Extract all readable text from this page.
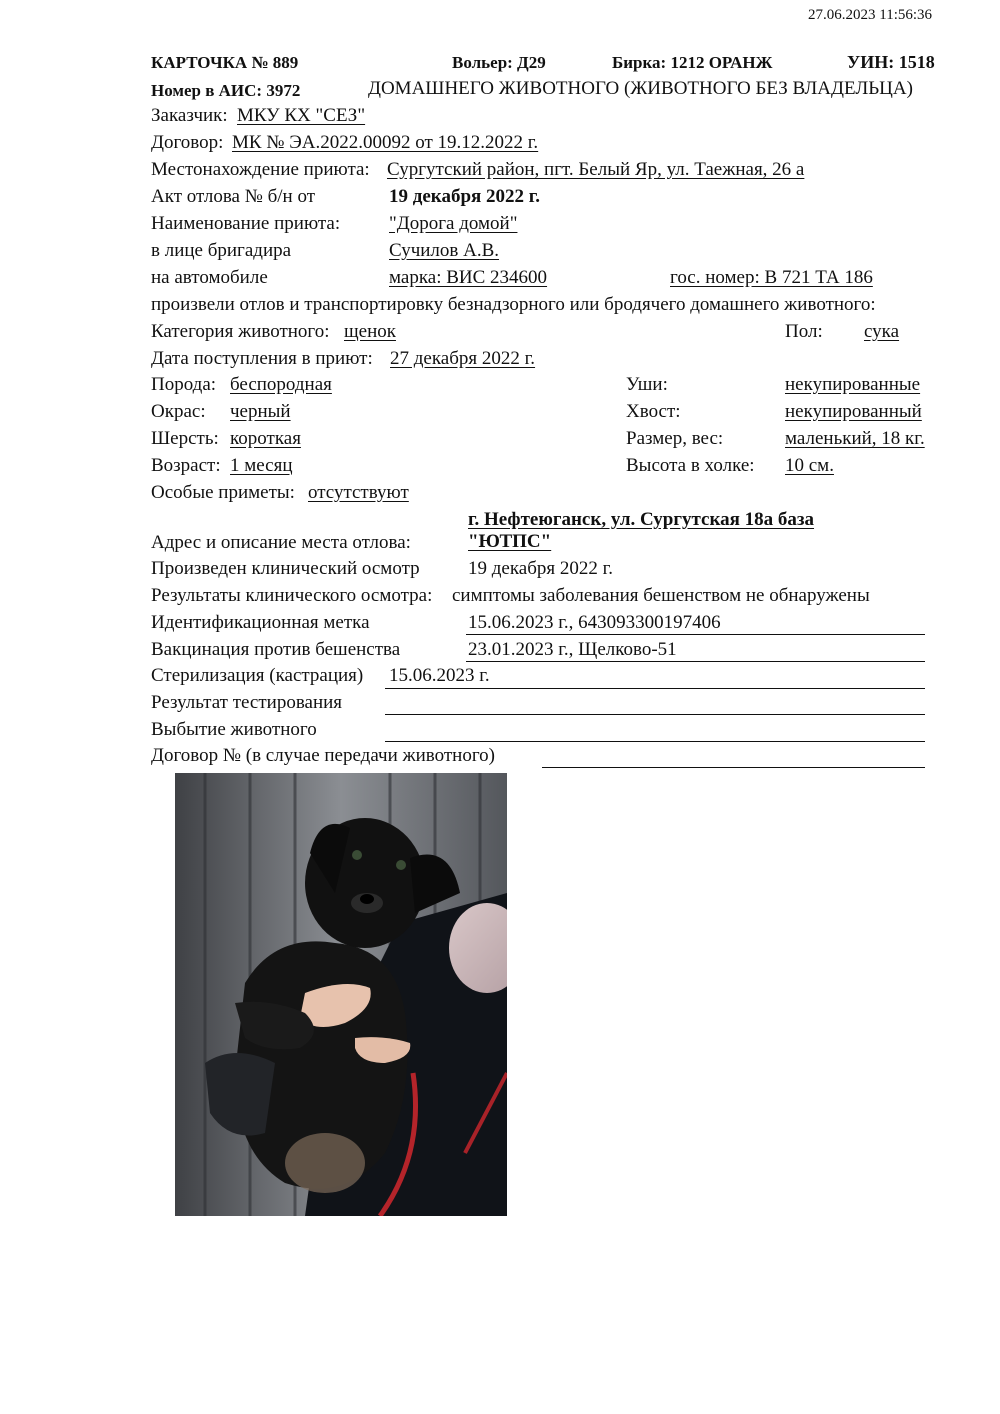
27.06.2023 11:56:36
КАРТОЧКА № 889	Вольер: Д29	Бирка: 1212 ОРАНЖ	УИН: 1518
Номер в АИС: 3972	ДОМАШНЕГО ЖИВОТНОГО (ЖИВОТНОГО БЕЗ ВЛАДЕЛЬЦА)
Заказчик: МКУ КХ "СЕЗ"
Договор: МК № ЭА.2022.00092 от 19.12.2022 г.
Местонахождение приюта: Сургутский район, пгт. Белый Яр, ул. Таежная, 26 а
Акт отлова № б/н от	19 декабря 2022 г.
Наименование приюта:	"Дорога домой"
в лице бригадира	Сучилов А.В.
на автомобиле	марка: ВИС 234600	гос. номер: В 721 ТА 186
произвели отлов и транспортировку безнадзорного или бродячего домашнего животного:
Категория животного: щенок	Пол: сука
Дата поступления в приют: 27 декабря 2022 г.
Порода: беспородная	Уши:	некупированные
Окрас: черный	Хвост:	некупированный
Шерсть: короткая	Размер, вес:	маленький, 18 кг.
Возраст: 1 месяц	Высота в холке: 10 см.
Особые приметы: отсутствуют
г. Нефтеюганск, ул. Сургутская 18а база
Адрес и описание места отлова:	"ЮТПС"
Произведен клинический осмотр	19 декабря 2022 г.
Результаты клинического осмотра: симптомы заболевания бешенством не обнаружены
Идентификационная метка	15.06.2023 г., 643093300197406
Вакцинация против бешенства	23.01.2023 г., Щелково-51
Стерилизация (кастрация) 15.06.2023 г.
Результат тестирования
Выбытие животного
Договор № (в случае передачи животного)
